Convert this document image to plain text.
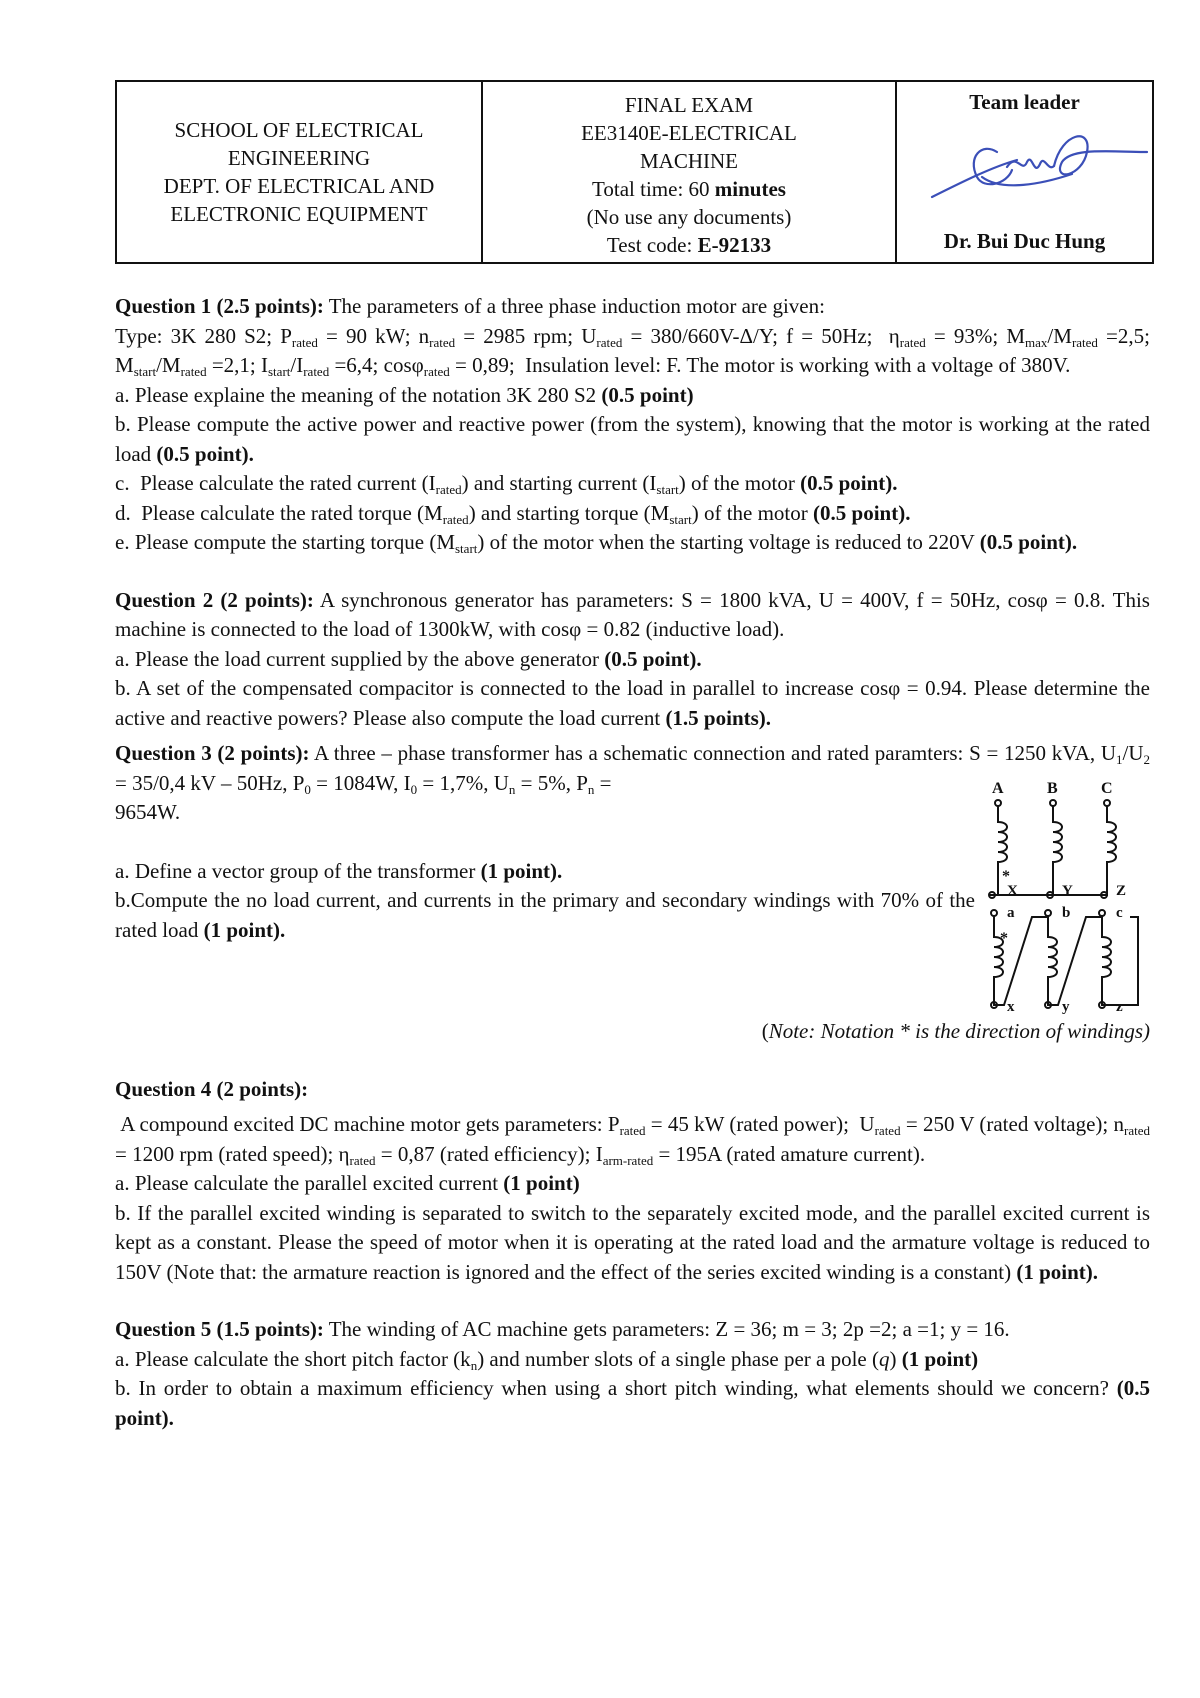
SCHOOL OF ELECTRICAL
ENGINEERING
DEPT. OF ELECTRICAL AND
ELECTRONIC EQUIPMENT

FINAL EXAM
EE3140E-ELECTRICAL
MACHINE
Total time: 60 minutes
(No use any documents)
Test code: E-92133

Team leader
Dr. Bui Duc Hung

Question 1 (2.5 points): The parameters of a three phase induction motor are given:

Type: 3K 280 S2; $P_{rated} = 90$ kW; $n_{rated} = 2985$ rpm; $U_{rated} = 380/660V-\Delta/Y$; f = 50Hz;  $\eta_{rated} = 93\%$; $M_{max}/M_{rated} =2,5$; $M_{start}/M_{rated} =2,1$; $I_{start}/I_{rated} =6,4$; cosφ$_{rated}$ = 0,89;  Insulation level: F. The motor is working with a voltage of 380V.

a. Please explaine the meaning of the notation 3K 280 S2 (0.5 point)

b. Please compute the active power and reactive power (from the system), knowing that the motor is working at the rated load (0.5 point).

c.  Please calculate the rated current $(I_{rated})$ and starting current $(I_{start})$ of the motor (0.5 point).

d.  Please calculate the rated torque $(M_{rated})$ and starting torque $(M_{start})$ of the motor (0.5 point).

e. Please compute the starting torque $(M_{start})$ of the motor when the starting voltage is reduced to 220V (0.5 point).

Question 2 (2 points): A synchronous generator has parameters: S = 1800 kVA, U = 400V, f = 50Hz, cosφ = 0.8. This machine is connected to the load of 1300kW, with cosφ = 0.82 (inductive load).

a. Please the load current supplied by the above generator (0.5 point).

b. A set of the compensated compacitor is connected to the load in parallel to increase cosφ = 0.94. Please determine the active and reactive powers? Please also compute the load current (1.5 points).

Question 3 (2 points): A three – phase transformer has a schematic connection and rated paramters: S = 1250 kVA, $U_1/U_2 = 35/0,4$ kV – 50Hz, $P_0 = 1084W$, $I_0 = 1,7\%$, $U_n = 5\%$, $P_n$ =

9654W.

a. Define a vector group of the transformer (1 point).

b.Compute the no load current, and currents in the primary and secondary windings with 70% of the rated load (1 point).

(Note: Notation * is the direction of windings)

A	B	C
X	Y	Z
a	b	c
x	y	z
*
*

Question 4 (2 points):

A compound excited DC machine motor gets parameters: $P_{rated} = 45$ kW (rated power);  $U_{rated} = 250$ V (rated voltage); $n_{rated} = 1200$ rpm (rated speed); $\eta_{rated} = 0,87$ (rated efficiency); $I_{arm-rated} = 195A$ (rated amature current).

a. Please calculate the parallel excited current (1 point)

b. If the parallel excited winding is separated to switch to the separately excited mode, and the parallel excited current is kept as a constant. Please the speed of motor when it is operating at the rated load and the armature voltage is reduced to 150V (Note that: the armature reaction is ignored and the effect of the series excited winding is a constant) (1 point).

Question 5 (1.5 points): The winding of AC machine gets parameters: Z = 36; m = 3; 2p =2; a =1; y = 16.

a. Please calculate the short pitch factor $(k_n)$ and number slots of a single phase per a pole (q) (1 point)

b. In order to obtain a maximum efficiency when using a short pitch winding, what elements should we concern? (0.5 point).
